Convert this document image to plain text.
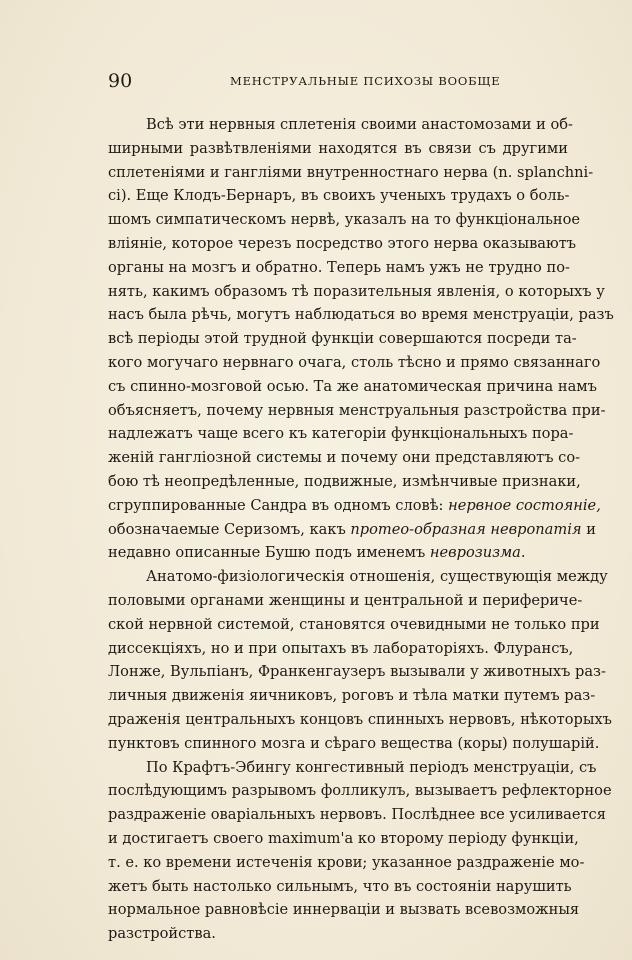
90	МЕНСТРУАЛЬНЫЕ ПСИХОЗЫ ВООБЩЕ
Всѣ эти нервныя сплетенія своими анастомозами и об-
ширными развѣтвленіями находятся въ связи съ другими
сплетеніями и гангліями внутренностнаго нерва (n. splanchni-
ci). Еще Клодъ-Бернаръ, въ своихъ ученыхъ трудахъ о боль-
шомъ симпатическомъ нервѣ, указалъ на то функціональное
вліяніе, которое черезъ посредство этого нерва оказываютъ
органы на мозгъ и обратно. Теперь намъ ужъ не трудно по-
нять, какимъ образомъ тѣ поразительныя явленія, о которыхъ у
насъ была рѣчь, могутъ наблюдаться во время менструаціи, разъ
всѣ періоды этой трудной функціи совершаются посреди та-
кого могучаго нервнаго очага, столь тѣсно и прямо связаннаго
съ спинно-мозговой осью. Та же анатомическая причина намъ
объясняетъ, почему нервныя менструальныя разстройства при-
надлежатъ чаще всего къ категоріи функціональныхъ пора-
женій гангліозной системы и почему они представляютъ со-
бою тѣ неопредѣленные, подвижные, измѣнчивые признаки,
сгруппированные Сандра въ одномъ словѣ: нервное состояніе,
обозначаемые Серизомъ, какъ протео-образная невропатія и
недавно описанные Бушю подъ именемъ неврозизма.
Анатомо-физіологическія отношенія, существующія между
половыми органами женщины и центральной и перифериче-
ской нервной системой, становятся очевидными не только при
диссекціяхъ, но и при опытахъ въ лабораторіяхъ. Флурансъ,
Лонже, Вульпіанъ, Франкенгаузеръ вызывали у животныхъ раз-
личныя движенія яичниковъ, роговъ и тѣла матки путемъ раз-
драженія центральныхъ концовъ спинныхъ нервовъ, нѣкоторыхъ
пунктовъ спинного мозга и сѣраго вещества (коры) полушарій.
По Крафтъ-Эбингу конгестивный періодъ менструаціи, съ
послѣдующимъ разрывомъ фолликулъ, вызываетъ рефлекторное
раздраженіе оваріальныхъ нервовъ. Послѣднее все усиливается
и достигаетъ своего maximum'а ко второму періоду функціи,
т. е. ко времени истеченія крови; указанное раздраженіе мо-
жетъ быть настолько сильнымъ, что въ состояніи нарушить
нормальное равновѣсіе иннерваціи и вызвать всевозможныя
разстройства.
